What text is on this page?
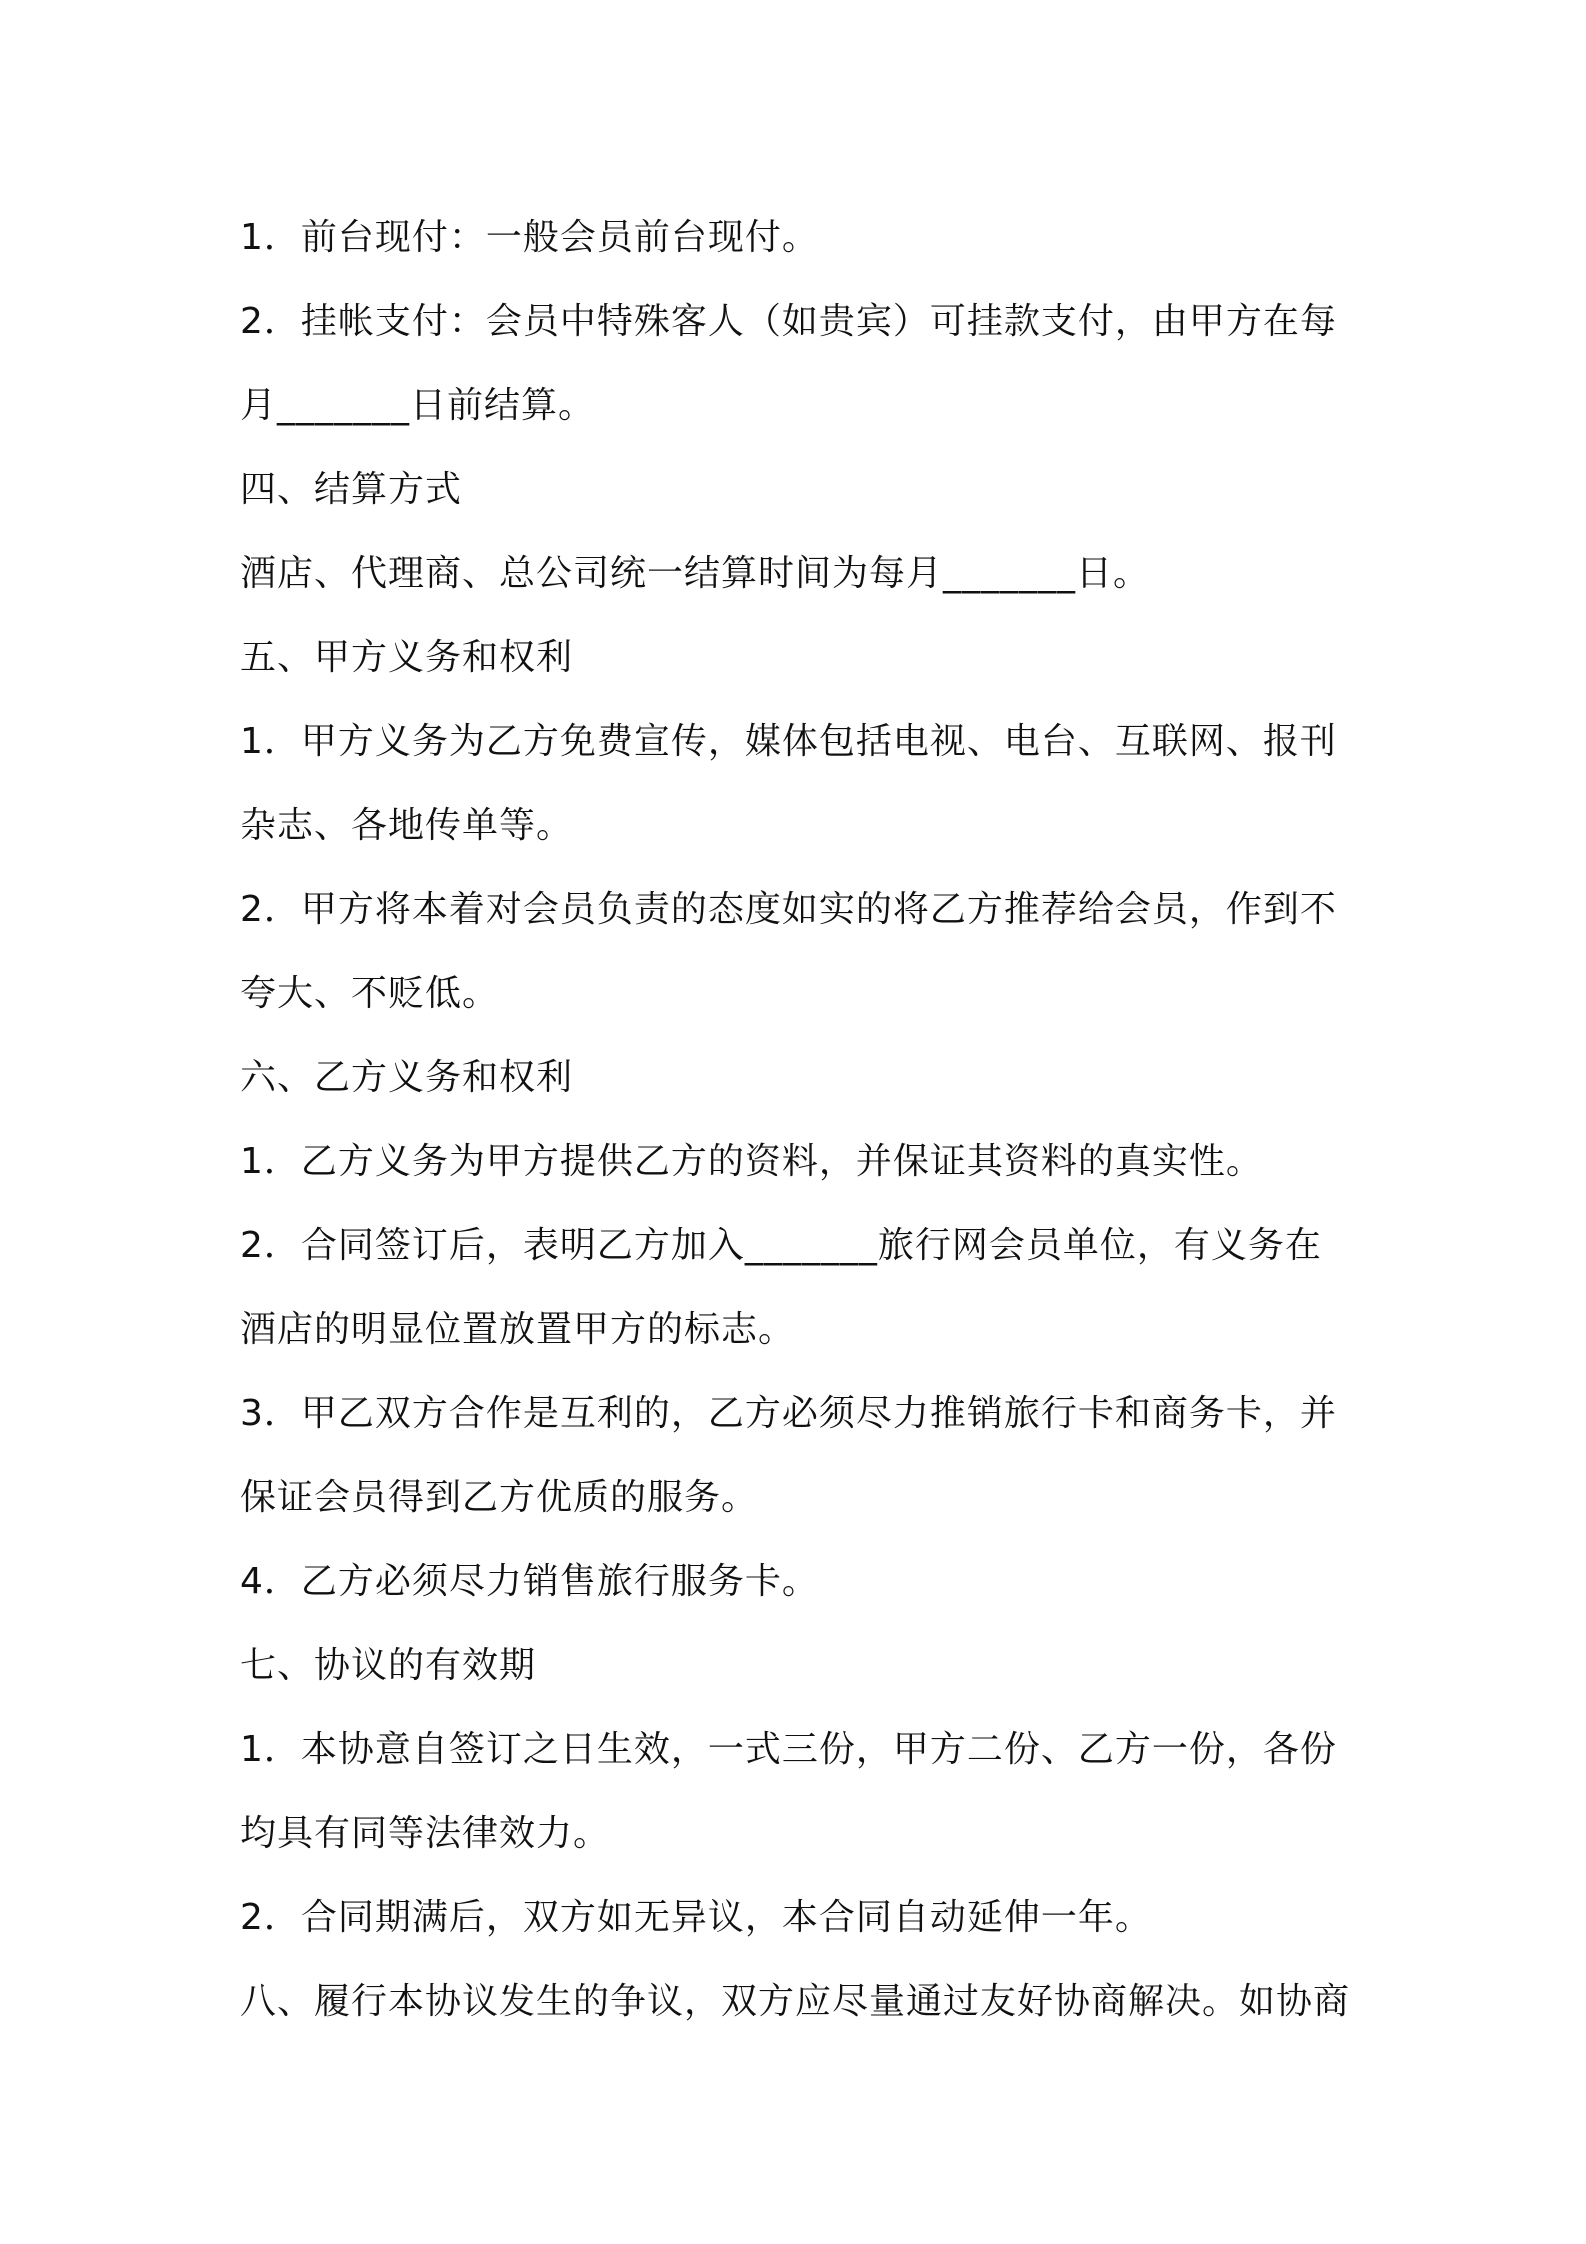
1．前台现付：一般会员前台现付。
2．挂帐支付：会员中特殊客人（如贵宾）可挂款支付，由甲方在每
月_______日前结算。
四、结算方式
酒店、代理商、总公司统一结算时间为每月_______日。
五、甲方义务和权利
1．甲方义务为乙方免费宣传，媒体包括电视、电台、互联网、报刊
杂志、各地传单等。
2．甲方将本着对会员负责的态度如实的将乙方推荐给会员，作到不
夸大、不贬低。
六、乙方义务和权利
1．乙方义务为甲方提供乙方的资料，并保证其资料的真实性。
2．合同签订后，表明乙方加入_______旅行网会员单位，有义务在
酒店的明显位置放置甲方的标志。
3．甲乙双方合作是互利的，乙方必须尽力推销旅行卡和商务卡，并
保证会员得到乙方优质的服务。
4．乙方必须尽力销售旅行服务卡。
七、协议的有效期
1．本协意自签订之日生效，一式三份，甲方二份、乙方一份，各份
均具有同等法律效力。
2．合同期满后，双方如无异议，本合同自动延伸一年。
八、履行本协议发生的争议，双方应尽量通过友好协商解决。如协商
